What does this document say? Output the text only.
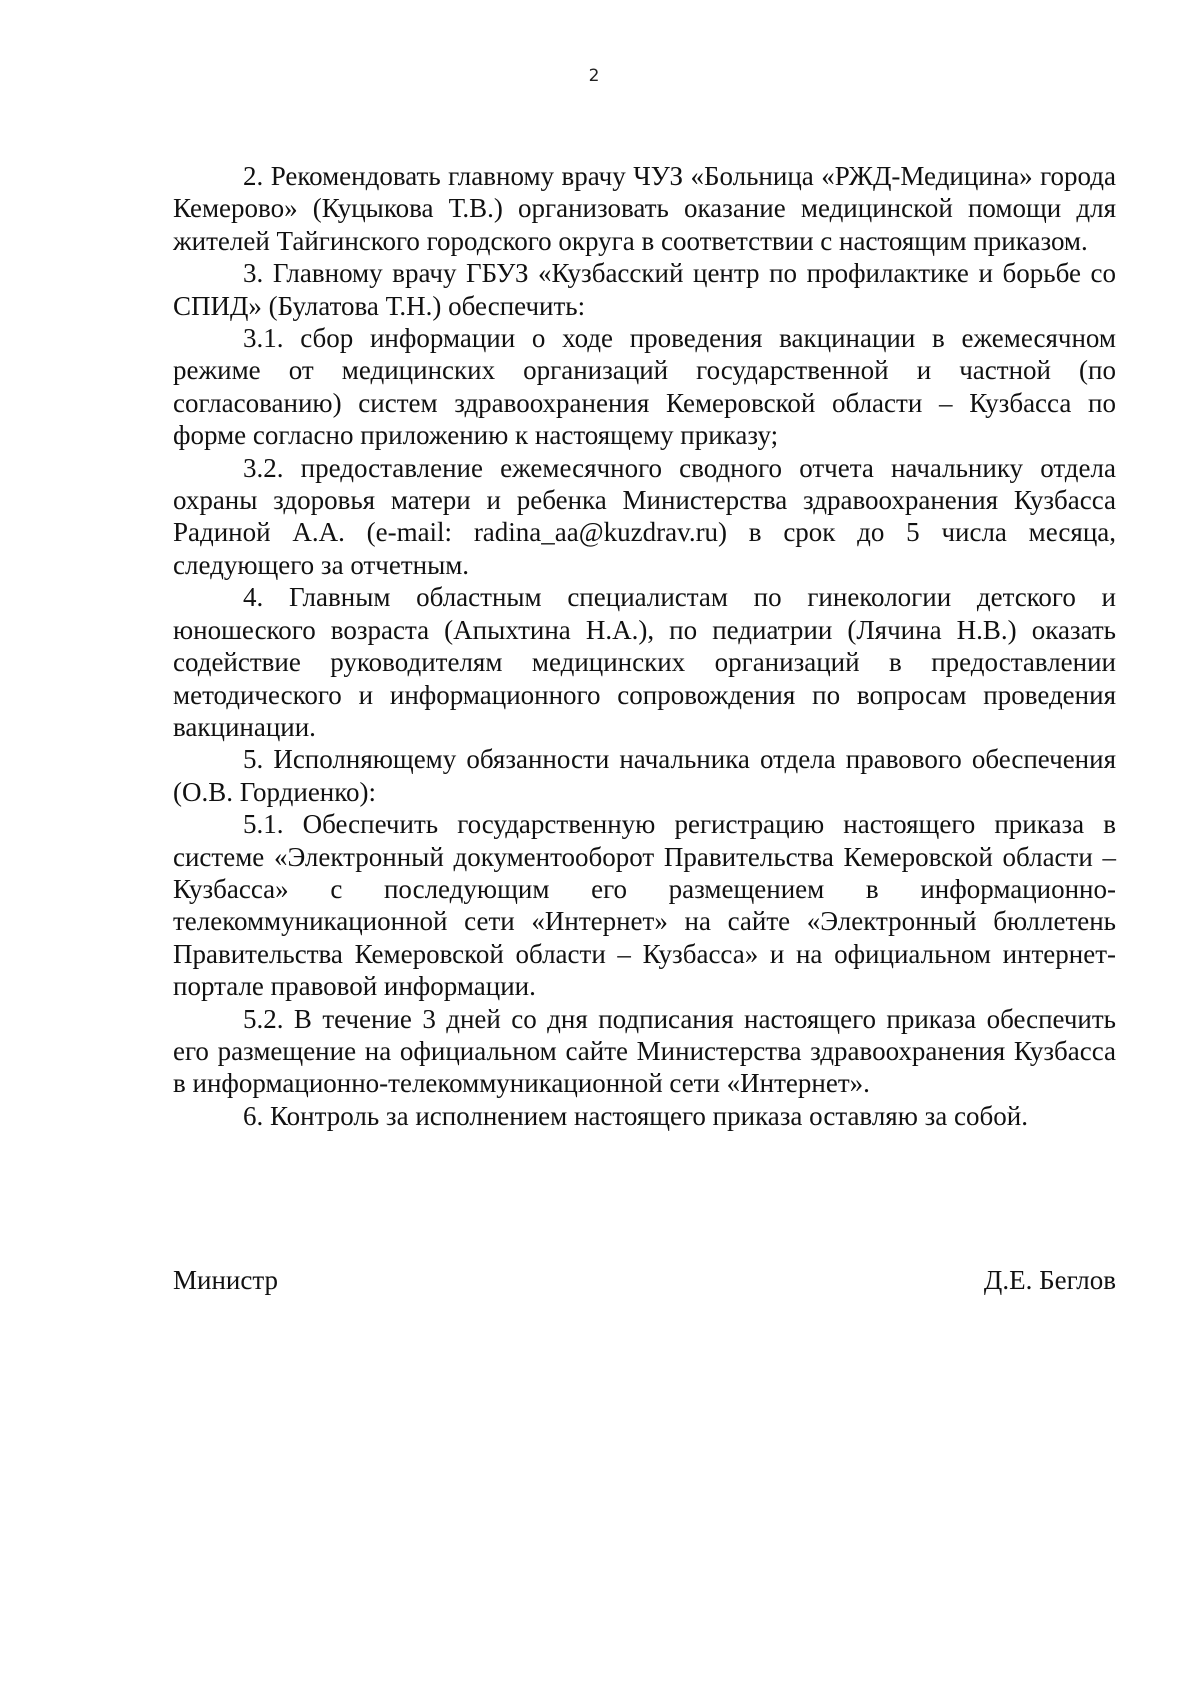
2

2. Рекомендовать главному врачу ЧУЗ «Больница «РЖД-Медицина» города Кемерово» (Куцыкова Т.В.) организовать оказание медицинской помощи для жителей Тайгинского городского округа в соответствии с настоящим приказом.

3. Главному врачу ГБУЗ «Кузбасский центр по профилактике и борьбе со СПИД» (Булатова Т.Н.) обеспечить:

3.1. сбор информации о ходе проведения вакцинации в ежемесячном режиме от медицинских организаций государственной и частной (по согласованию) систем здравоохранения Кемеровской области – Кузбасса по форме согласно приложению к настоящему приказу;

3.2. предоставление ежемесячного сводного отчета начальнику отдела охраны здоровья матери и ребенка Министерства здравоохранения Кузбасса Радиной А.А. (e-mail: radina_aa@kuzdrav.ru) в срок до 5 числа месяца, следующего за отчетным.

4. Главным областным специалистам по гинекологии детского и юношеского возраста (Апыхтина Н.А.), по педиатрии (Лячина Н.В.) оказать содействие руководителям медицинских организаций в предоставлении методического и информационного сопровождения по вопросам проведения вакцинации.

5. Исполняющему обязанности начальника отдела правового обеспечения (О.В. Гордиенко):

5.1. Обеспечить государственную регистрацию настоящего приказа в системе «Электронный документооборот Правительства Кемеровской области – Кузбасса» с последующим его размещением в информационно-телекоммуникационной сети «Интернет» на сайте «Электронный бюллетень Правительства Кемеровской области – Кузбасса» и на официальном интернет-портале правовой информации.

5.2. В течение 3 дней со дня подписания настоящего приказа обеспечить его размещение на официальном сайте Министерства здравоохранения Кузбасса в информационно-телекоммуникационной сети «Интернет».

6. Контроль за исполнением настоящего приказа оставляю за собой.

Министр	Д.Е. Беглов
